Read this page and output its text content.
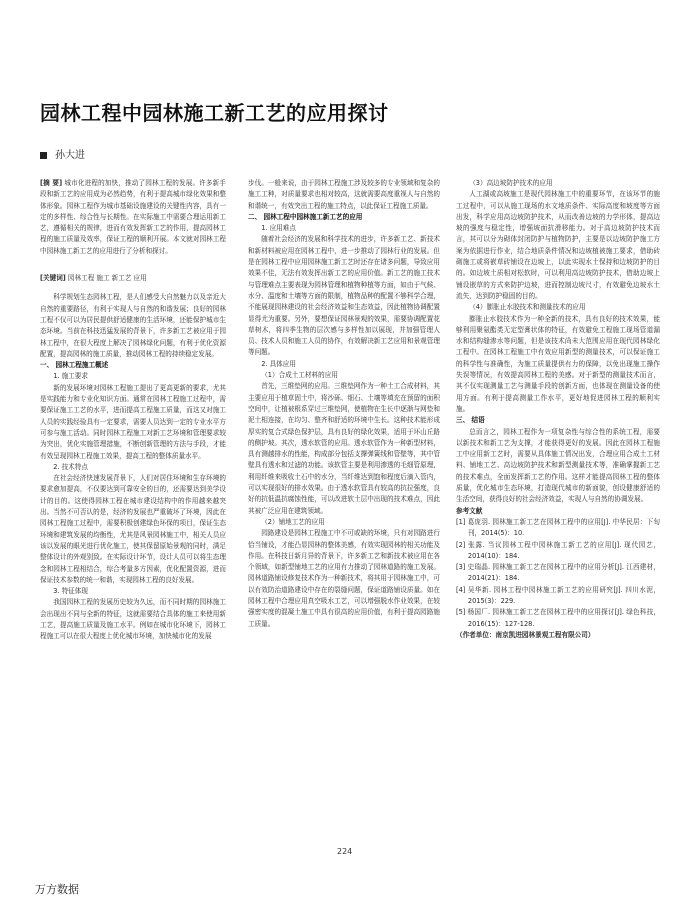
园林工程中园林施工新工艺的应用探讨
孙大进

[摘 要] 城市化进程的加快，推动了园林工程的发展。许多新手段和新工艺的应用成为必然趋势，有利于提高城市绿化效果和整体形象。园林工程作为城市基础设施建设的关键性内容，具有一定的多样性、综合性与长期性。在实际施工中需要合理运用新工艺，遵循相关的规律，进而有效发挥新工艺的作用，提高园林工程的施工质量及效率，保证工程的顺利开展。本文就对园林工程中园林施工新工艺的应用进行了分析和探讨。

[关键词] 园林工程 施工 新工艺 应用

科学规划生态园林工程，是人们感受大自然魅力以及亲近大自然的重要路径，有利于实现人与自然的和谐发展；良好的园林工程不仅可以为居民提供舒适健康的生活环境，还能保护城市生态环境。当前在科技迅猛发展的背景下，许多新工艺被应用于园林工程中，在很大程度上解决了园林绿化问题，有利于优化资源配置，提高园林的施工质量，推动园林工程的持续稳定发展。

一、 园林工程施工概述

1. 施工要求

新的发展环境对园林工程施工提出了更高更新的要求，尤其是实践能力和专业化知识方面。通常在园林工程施工过程中，需要保证施工工艺的水平，进而提高工程施工质量，而这又对施工人员的实践经验具有一定要求，需要人员达到一定的专业水平方可参与施工活动。同时园林工程施工对新工艺环境和管理要求较为突出，优化实施管理措施，不断创新管理的方法与手段，才能有效呈现园林工程施工效果，提高工程的整体质量水平。

2. 技术特点

在社会经济快速发展背景下，人们对居住环境和生存环境的要求愈加提高，不仅要达到可靠安全的目的，还需要达到美学设计的目的。这使得园林工程在城市建设结构中的作用越来越突出。当然不可否认的是，经济的发展也严重破坏了环境，因此在园林工程施工过程中，需要积极创建绿色环保的项目，保证生态环境和建筑发展的均衡性，尤其是风景园林施工中，相关人员应该以发展的眼光进行优化施工，使其保留原始景观的同时，满足整体设计的外观别致。在实际设计环节，设计人员可以将生态理念和园林工程相结合，综合考量多方因素，优化配置资源，进而保证技术参数的统一和谐，实现园林工程的良好发展。

3. 特征体现

我国园林工程的发展历史较为久远，而不同时期的园林施工会出现出不同与全新的特征，这就需要结合具体的施工来使用新工艺，提高施工质量及施工水平。例如在城市化环境下，园林工程施工可以在很大程度上优化城市环境，加快城市化的发展

步伐。一般来说，由于园林工程施工涉及较多的专业领域和复杂的施工工种，对质量要求也相对较高，这就需要高度重视人与自然的和谐统一，有效突出工程的施工特点，以此保证工程施工质量。

二、 园林工程中园林施工新工艺的应用

1. 应用难点

随着社会经济的发展和科学技术的进步，许多新工艺、新技术和新材料被应用在园林工程中，进一步推动了园林行业的发展。但是在园林工程中应用园林施工新工艺时还存在诸多问题，导致应用效果不佳，无法有效发挥出新工艺的应用价值。新工艺的施工技术与管理难点主要表现为园林管理和植物种植等方面，如由于气候、水分、温度和土壤等方面的限制，植物品种的配置不够科学合理，不能展现园林建设的社会经济效益和生态效益，因此植物协调配置显得尤为重要。另外，要想保证园林景观的效果，需要协调配置花草树木，将四季生物的层次感与多样性加以展现，并加强管理人员、技术人员和施工人员的协作，有效解决新工艺应用和景观管理等问题。

2. 具体应用

（1）合成土工材料的应用

首先，三维垫网的应用。三维垫网作为一种土工合成材料，其主要应用于植草固土中，将沙砾、细石、土壤等填充在预留的面积空间中，让植被根系穿过三维垫网，使植物在生长中逐渐与网垫和泥土相连接，在均匀、整齐和舒适的环境中生长。这种技术能形成厚实的复合式绿色保护层，具有良好的绿化效果，适用于坏山丘路的侧护坡。其次，透水软管的应用。透水软管作为一种新型材料，具有测越排水的性能，构成部分包括支撑弹簧线和管壁等，其中管壁具有透水和过滤的功能。该软管主要是利用渗透的毛细管原理，利用纤维来吸收土石中的水分，当纤维达到饱和程度后滴入管内，可以实现很好的排水效果。由于透水软管具有较高的抗拉强度，良好的抗低温抗腐蚀性能，可以改进软土层中出现的技术难点，因此其被广泛应用在建筑领域。

（2）铺地工艺的应用

园路建设是园林工程施工中不可或缺的环境，只有对园路进行恰当铺设，才能凸显园林的整体美感，有效实现园林的相关功能及作用。在科技日新月异的背景下，许多新工艺和新技术被应用在各个领域，如新型铺地工艺的应用有力推动了园林道路的施工发展。园林道路铺设修复技术作为一种新技术，将其用于园林施工中，可以有效防治道路建设中存在的裂缝问题，保证道路铺设质量。如在园林工程中合理应用真空吸水工艺，可以增强脱水作业效果，在较强密实度的混凝土施工中具有很高的应用价值，有利于提高园路施工质量。

（3）高边坡防护技术的应用

人工湖或高坡施工是现代园林施工中的重要环节，在该环节的施工过程中，可以从施工现场的水文地质条件、实际高度和坡度等方面出发，科学应用高边坡防护技术，从而改善边坡的力学形体，提高边坡的强度与稳定性，增强坡面抗滑移能力。对于高边坡防护技术而言，其可以分为砌体封闭防护与植物防护，主要是以边坡防护施工方案为依据进行作业，结合地质条件情况和边坡植被施工要求，借助砖砌施工或将嵌草砖铺设在边坡上，以此实现水土保持和边坡防护的目的。如边坡土质相对松软时，可以利用高边坡防护技术，借助边坡上铺设嵌草的方式来防护边坡，进而控制边坡尺寸，有效避免边坡水土流失，达到防护稳固的目的。

（4）膨胀止水胶技术和测量技术的应用

膨胀止水胶技术作为一种全新的技术，具有良好的技术效果，能够利用聚氨酯类无定型膏状体的特征，有效避免工程施工现场管道漏水和结构缝渗水等问题，但是该技术尚未大范围应用在现代园林绿化工程中。在园林工程施工中有效应用新型的测量技术，可以保证施工的科学性与准确性，为施工质量提供有力的保障，以免出现施工操作失误等情况，有效提高园林工程的美感。对于新型的测量技术而言，其不仅实现测量工艺与测量手段的创新方面，也体现在测量设备的使用方面。有利于提高测量工作水平，更好地促进园林工程的顺利实施。

三、 结语

总而言之，园林工程作为一项复杂性与综合性的系统工程，需要以新技术和新工艺为支撑，才能获得更好的发展。因此在园林工程施工中应用新工艺时，需要从具体施工情况出发，合理应用合成土工材料、铺地工艺、高边坡防护技术和新型测量技术等，准确掌握新工艺的技术难点，全面发挥新工艺的作用。这样才能提高园林工程的整体质量，优化城市生态环境，打造现代城市的新面貌，创设健康舒适的生活空间，获得良好的社会经济效益，实现人与自然的协调发展。

参考文献

[1] 葛庞羽. 园林施工新工艺在园林工程中的应用[J]. 中华民居：下旬刊，2014(5)：10.

[2] 张露. 当议园林工程中园林施工新工艺的应用[J]. 现代园艺，2014(10)：184.

[3] 史瑞晶. 园林施工新工艺在园林工程中的应用分析[J]. 江西建材，2014(21)：184.

[4] 吴华新. 园林工程中园林施工新工艺的应用研究[J]. 四川水泥，2015(3)：229.

[5] 杨国厂. 园林施工新工艺在园林工程中的应用探讨[J]. 绿色科技，2016(15)：127-128.

（作者单位：南京凯进园林景观工程有限公司）

224
万方数据
